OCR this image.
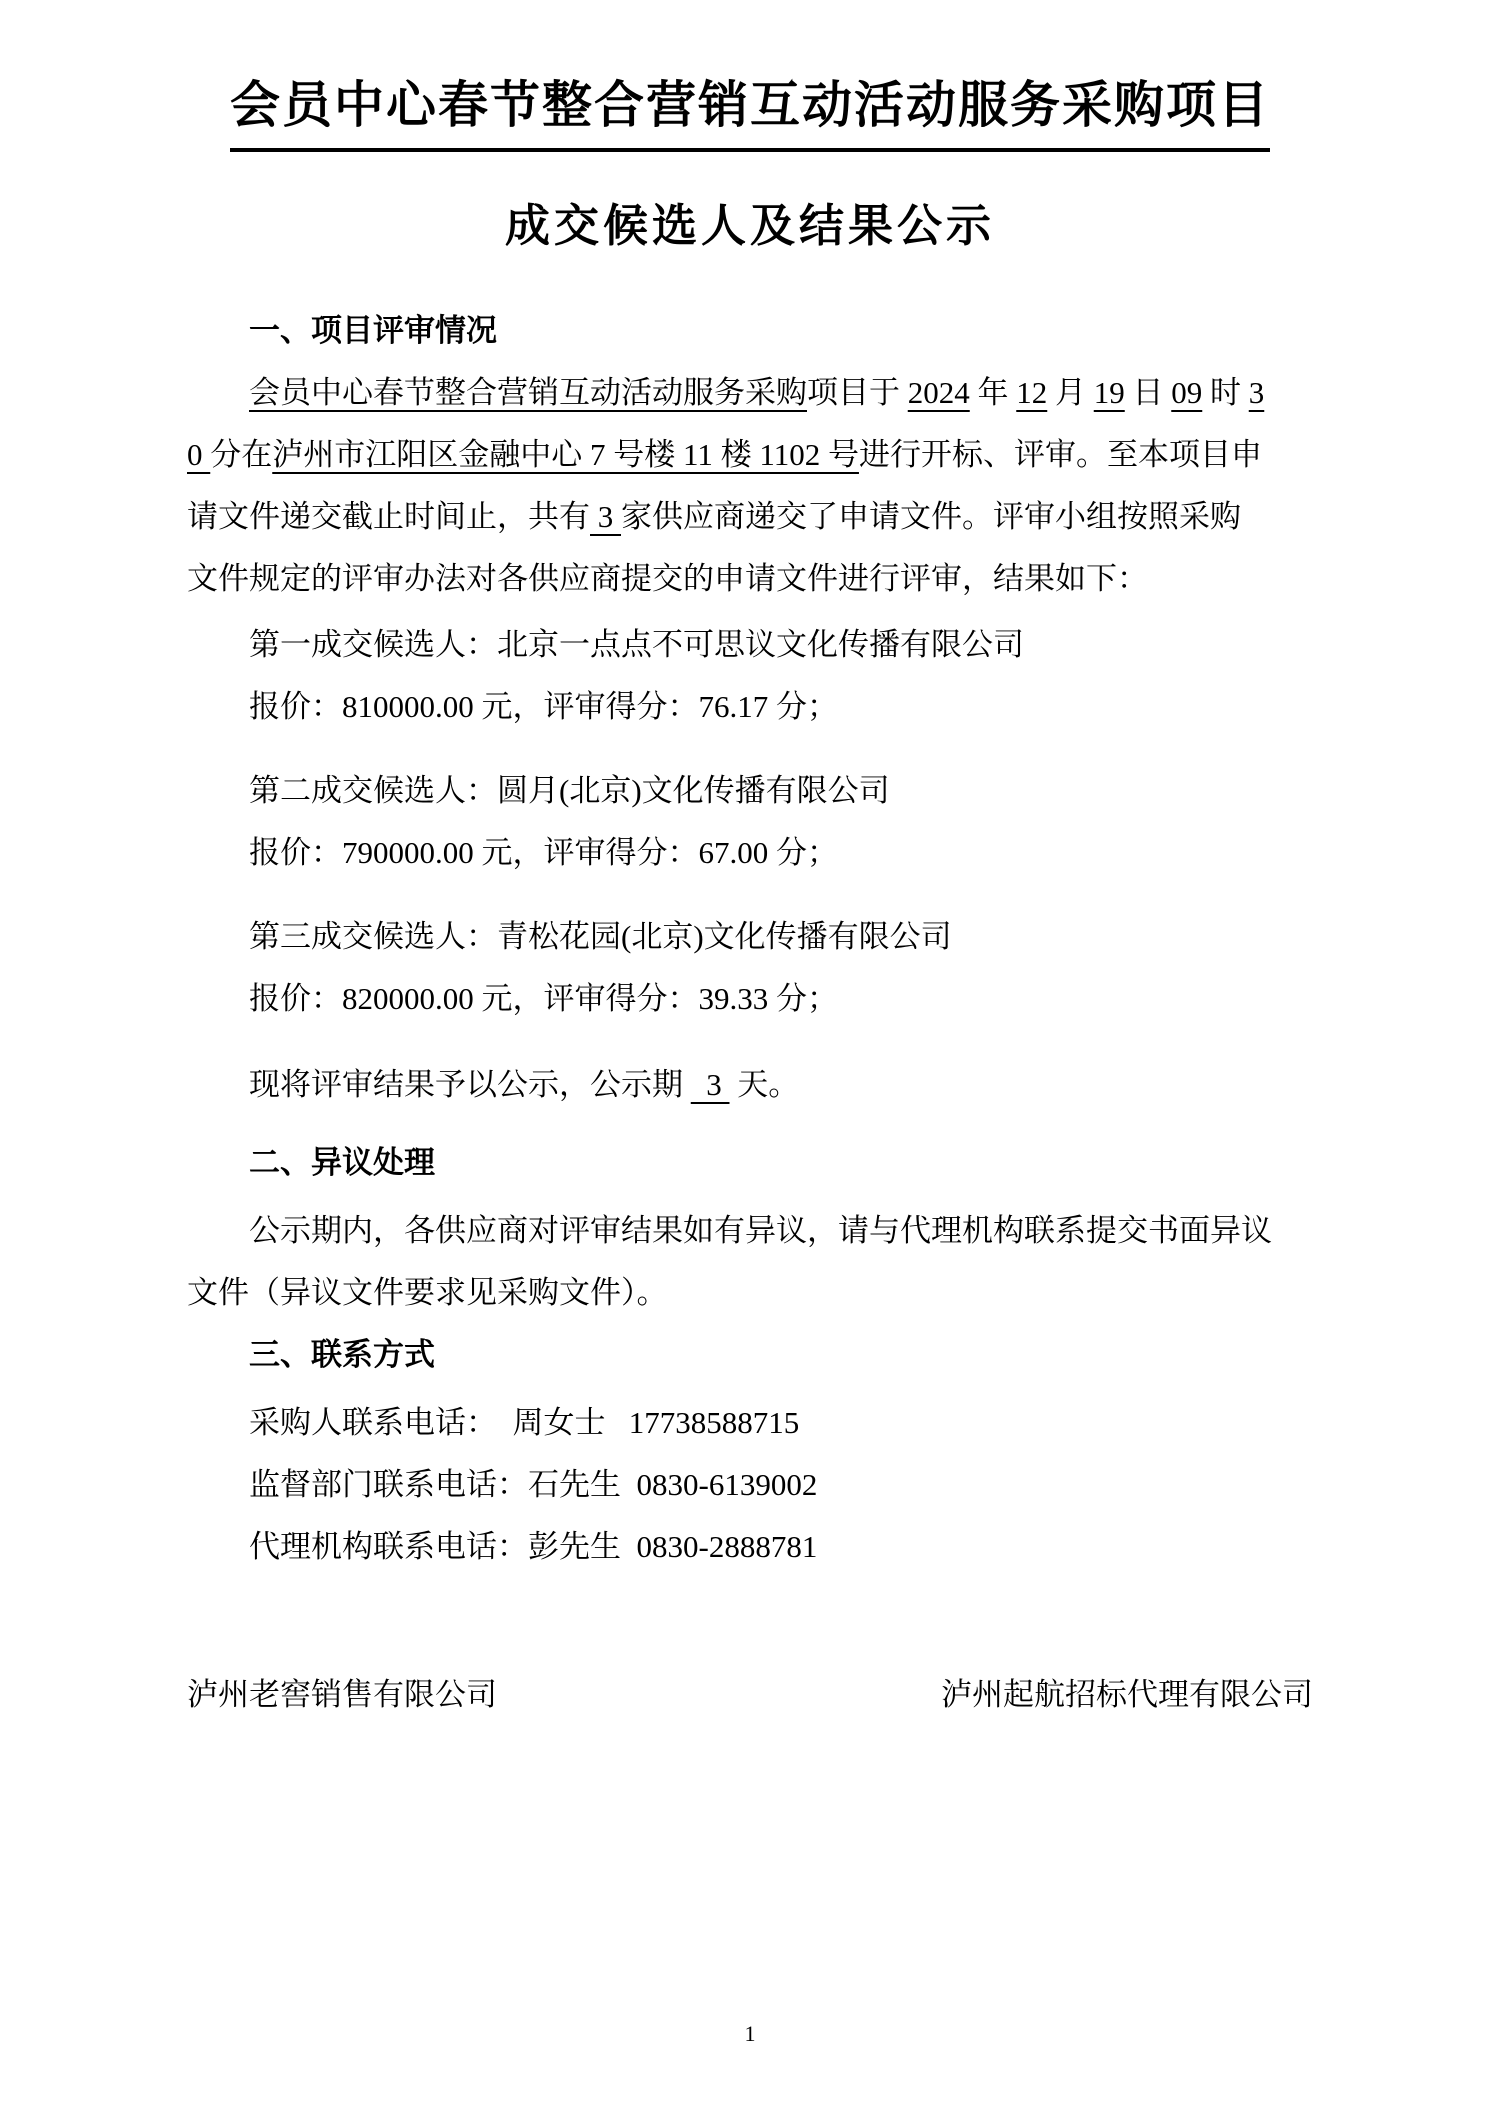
会员中心春节整合营销互动活动服务采购项目
成交候选人及结果公示
一、项目评审情况
会员中心春节整合营销互动活动服务采购项目于 2024 年 12 月 19 日 09 时 3
0 分在泸州市江阳区金融中心 7 号楼 11 楼 1102 号进行开标、评审。至本项目申
请文件递交截止时间止，共有 3 家供应商递交了申请文件。评审小组按照采购
文件规定的评审办法对各供应商提交的申请文件进行评审，结果如下：
第一成交候选人：北京一点点不可思议文化传播有限公司
报价：810000.00 元，评审得分：76.17 分；
第二成交候选人：圆月(北京)文化传播有限公司
报价：790000.00 元，评审得分：67.00 分；
第三成交候选人：青松花园(北京)文化传播有限公司
报价：820000.00 元，评审得分：39.33 分；
现将评审结果予以公示，公示期   3  天。
二、异议处理
公示期内，各供应商对评审结果如有异议，请与代理机构联系提交书面异议
文件（异议文件要求见采购文件）。
三、联系方式
采购人联系电话：  周女士   17738588715
监督部门联系电话：石先生  0830-6139002
代理机构联系电话：彭先生  0830-2888781
泸州老窖销售有限公司	泸州起航招标代理有限公司
1
